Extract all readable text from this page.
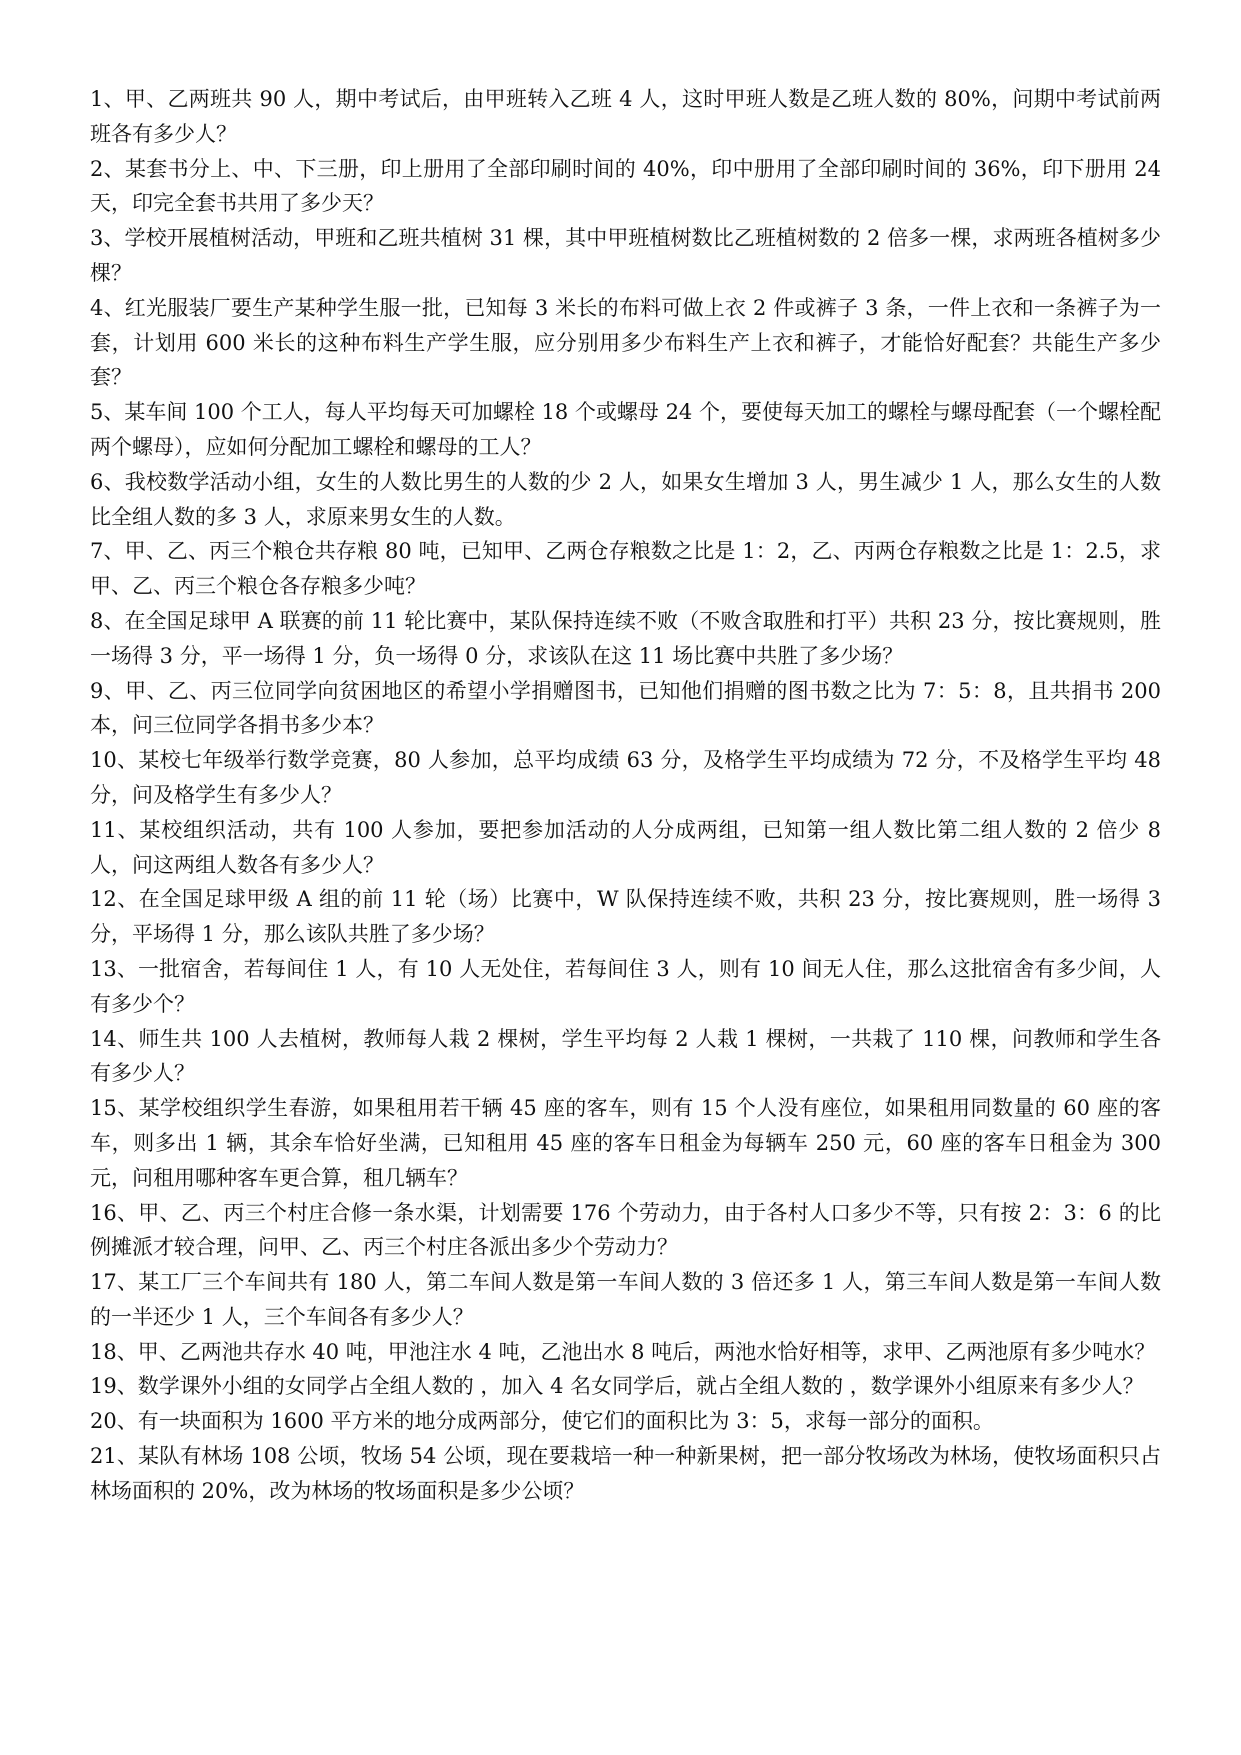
1、甲、乙两班共 90 人，期中考试后，由甲班转入乙班 4 人，这时甲班人数是乙班人数的 80%，问期中考试前两班各有多少人？

2、某套书分上、中、下三册，印上册用了全部印刷时间的 40%，印中册用了全部印刷时间的 36%，印下册用 24 天，印完全套书共用了多少天？

3、学校开展植树活动，甲班和乙班共植树 31 棵，其中甲班植树数比乙班植树数的 2 倍多一棵，求两班各植树多少棵？

4、红光服装厂要生产某种学生服一批，已知每 3 米长的布料可做上衣 2 件或裤子 3 条，一件上衣和一条裤子为一套，计划用 600 米长的这种布料生产学生服，应分别用多少布料生产上衣和裤子，才能恰好配套？共能生产多少套？

5、某车间 100 个工人，每人平均每天可加螺栓 18 个或螺母 24 个，要使每天加工的螺栓与螺母配套（一个螺栓配两个螺母），应如何分配加工螺栓和螺母的工人？

6、我校数学活动小组，女生的人数比男生的人数的少 2 人，如果女生增加 3 人，男生减少 1 人，那么女生的人数比全组人数的多 3 人，求原来男女生的人数。

7、甲、乙、丙三个粮仓共存粮 80 吨，已知甲、乙两仓存粮数之比是 1：2，乙、丙两仓存粮数之比是 1：2.5，求甲、乙、丙三个粮仓各存粮多少吨？

8、在全国足球甲 A 联赛的前 11 轮比赛中，某队保持连续不败（不败含取胜和打平）共积 23 分，按比赛规则，胜一场得 3 分，平一场得 1 分，负一场得 0 分，求该队在这 11 场比赛中共胜了多少场？

9、甲、乙、丙三位同学向贫困地区的希望小学捐赠图书，已知他们捐赠的图书数之比为 7：5：8，且共捐书 200 本，问三位同学各捐书多少本？

10、某校七年级举行数学竞赛，80 人参加，总平均成绩 63 分，及格学生平均成绩为 72 分，不及格学生平均 48 分，问及格学生有多少人？

11、某校组织活动，共有 100 人参加，要把参加活动的人分成两组，已知第一组人数比第二组人数的 2 倍少 8 人，问这两组人数各有多少人？

12、在全国足球甲级 A 组的前 11 轮（场）比赛中，W 队保持连续不败，共积 23 分，按比赛规则，胜一场得 3 分，平场得 1 分，那么该队共胜了多少场？

13、一批宿舍，若每间住 1 人，有 10 人无处住，若每间住 3 人，则有 10 间无人住，那么这批宿舍有多少间，人有多少个？

14、师生共 100 人去植树，教师每人栽 2 棵树，学生平均每 2 人栽 1 棵树，一共栽了 110 棵，问教师和学生各有多少人？

15、某学校组织学生春游，如果租用若干辆 45 座的客车，则有 15 个人没有座位，如果租用同数量的 60 座的客车，则多出 1 辆，其余车恰好坐满，已知租用 45 座的客车日租金为每辆车 250 元，60 座的客车日租金为 300 元，问租用哪种客车更合算，租几辆车？

16、甲、乙、丙三个村庄合修一条水渠，计划需要 176 个劳动力，由于各村人口多少不等，只有按 2：3：6 的比例摊派才较合理，问甲、乙、丙三个村庄各派出多少个劳动力？

17、某工厂三个车间共有 180 人，第二车间人数是第一车间人数的 3 倍还多 1 人，第三车间人数是第一车间人数的一半还少 1 人，三个车间各有多少人？

18、甲、乙两池共存水 40 吨，甲池注水 4 吨，乙池出水 8 吨后，两池水恰好相等，求甲、乙两池原有多少吨水？

19、数学课外小组的女同学占全组人数的 ，加入 4 名女同学后，就占全组人数的 ，数学课外小组原来有多少人？

20、有一块面积为 1600 平方米的地分成两部分，使它们的面积比为 3：5，求每一部分的面积。

21、某队有林场 108 公顷，牧场 54 公顷，现在要栽培一种一种新果树，把一部分牧场改为林场，使牧场面积只占林场面积的 20%，改为林场的牧场面积是多少公顷？
